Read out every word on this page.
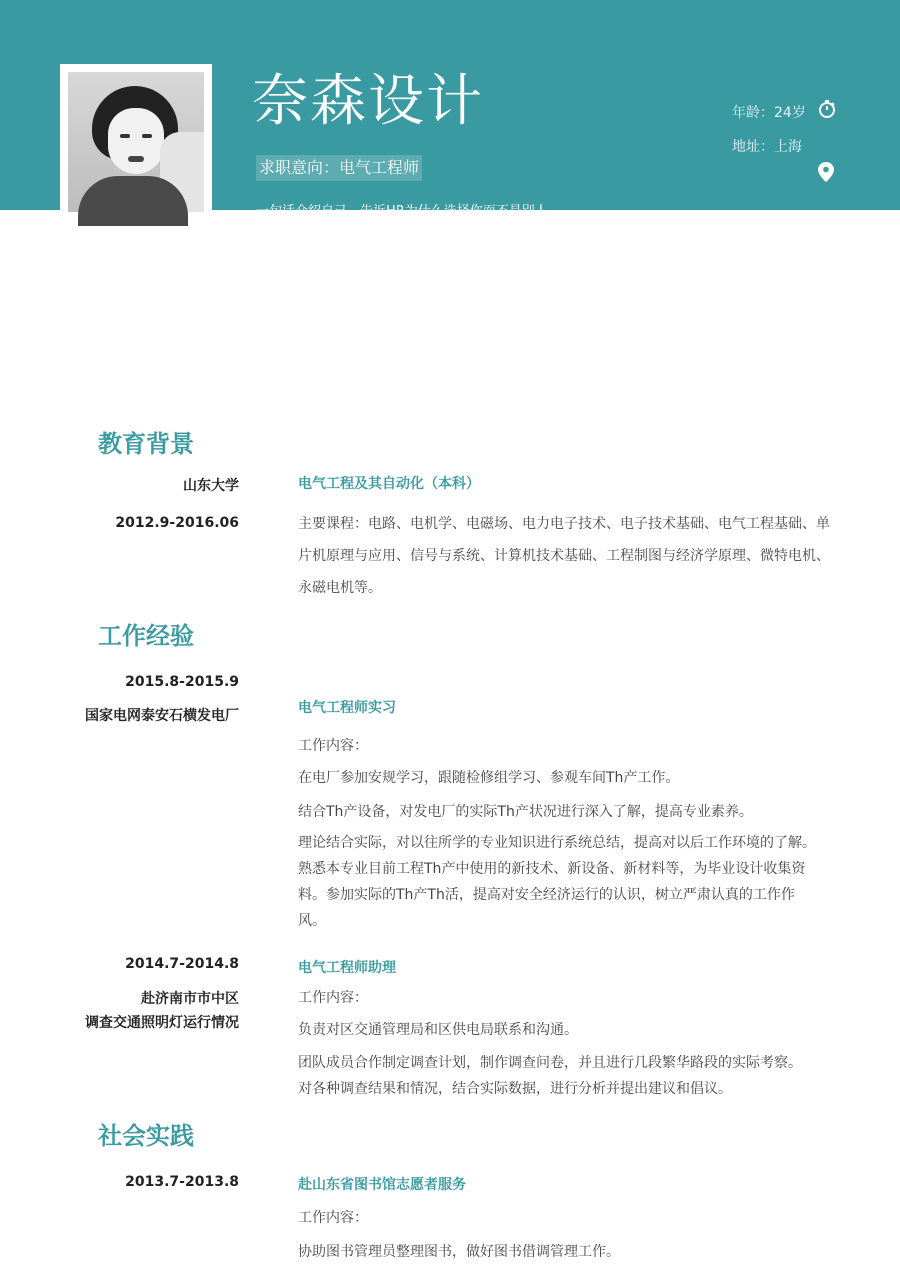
奈森设计
求职意向：电气工程师
一句话介绍自己，告诉HR为什么选择你而不是别人
年龄：24岁
地址：上海
教育背景
山东大学
2012.9-2016.06
电气工程及其自动化（本科）
主要课程：电路、电机学、电磁场、电力电子技术、电子技术基础、电气工程基础、单片机原理与应用、信号与系统、计算机技术基础、工程制图与经济学原理、微特电机、永磁电机等。
工作经验
2015.8-2015.9
国家电网泰安石横发电厂	电气工程师实习
工作内容：
在电厂参加安规学习，跟随检修组学习、参观车间Th产工作。
结合Th产设备，对发电厂的实际Th产状况进行深入了解，提高专业素养。
理论结合实际，对以往所学的专业知识进行系统总结，提高对以后工作环境的了解。熟悉本专业目前工程Th产中使用的新技术、新设备、新材料等，为毕业设计收集资料。参加实际的Th产Th活，提高对安全经济运行的认识，树立严肃认真的工作作风。
2014.7-2014.8
赴济南市市中区
调查交通照明灯运行情况
电气工程师助理
工作内容：
负责对区交通管理局和区供电局联系和沟通。
团队成员合作制定调查计划，制作调查问卷，并且进行几段繁华路段的实际考察。
对各种调查结果和情况，结合实际数据，进行分析并提出建议和倡议。
社会实践
2013.7-2013.8	赴山东省图书馆志愿者服务
工作内容：
协助图书管理员整理图书，做好图书借调管理工作。
